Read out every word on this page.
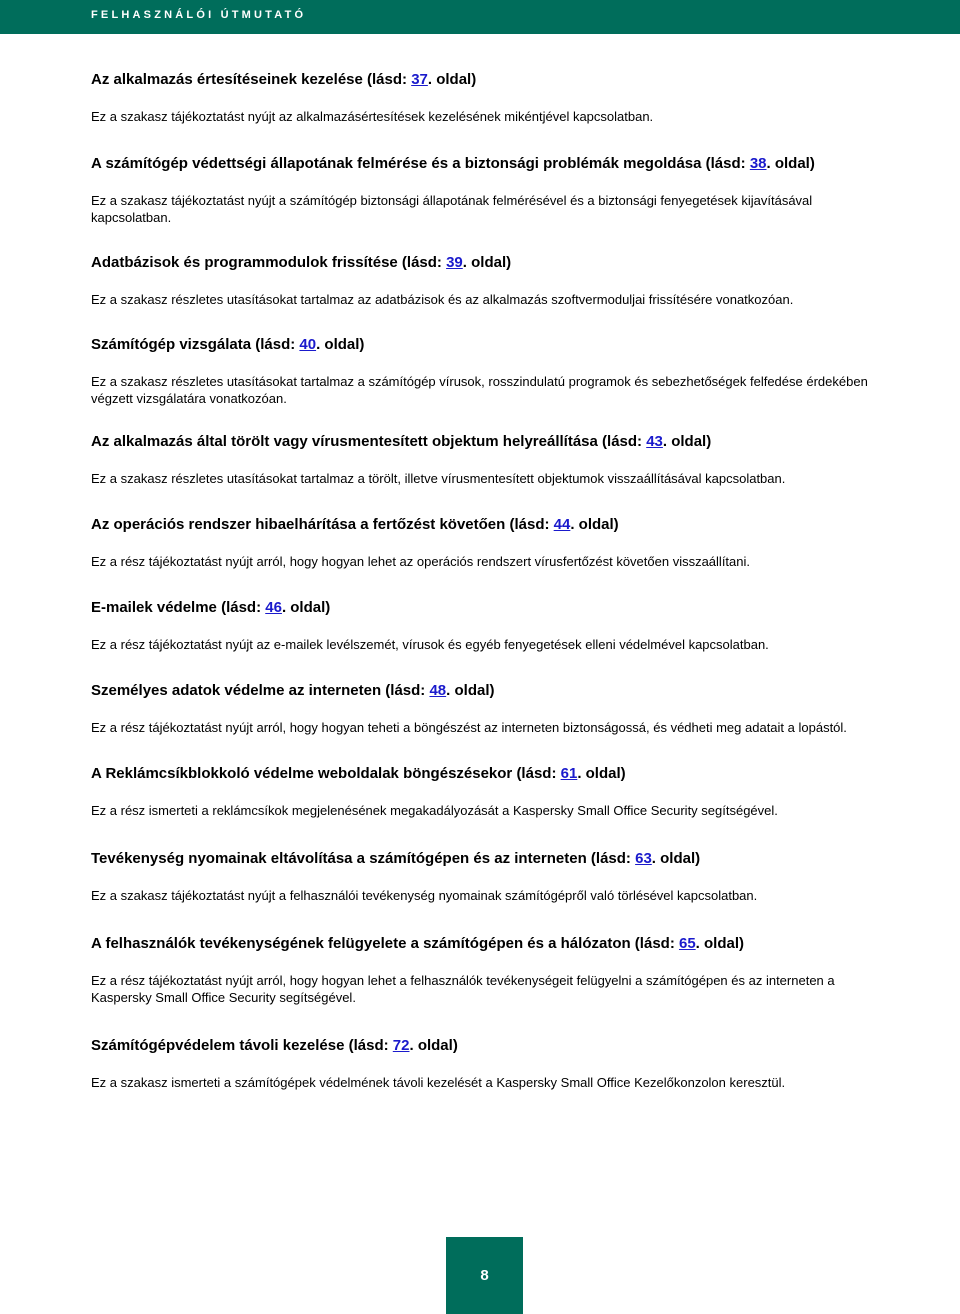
FELHASZNÁLÓI ÚTMUTATÓ

Az alkalmazás értesítéseinek kezelése (lásd: 37. oldal)

Ez a szakasz tájékoztatást nyújt az alkalmazásértesítések kezelésének mikéntjével kapcsolatban.

A számítógép védettségi állapotának felmérése és a biztonsági problémák megoldása (lásd: 38. oldal)

Ez a szakasz tájékoztatást nyújt a számítógép biztonsági állapotának felmérésével és a biztonsági fenyegetések kijavításával kapcsolatban.

Adatbázisok és programmodulok frissítése (lásd: 39. oldal)

Ez a szakasz részletes utasításokat tartalmaz az adatbázisok és az alkalmazás szoftvermoduljai frissítésére vonatkozóan.

Számítógép vizsgálata (lásd: 40. oldal)

Ez a szakasz részletes utasításokat tartalmaz a számítógép vírusok, rosszindulatú programok és sebezhetőségek felfedése érdekében végzett vizsgálatára vonatkozóan.

Az alkalmazás által törölt vagy vírusmentesített objektum helyreállítása (lásd: 43. oldal)

Ez a szakasz részletes utasításokat tartalmaz a törölt, illetve vírusmentesített objektumok visszaállításával kapcsolatban.

Az operációs rendszer hibaelhárítása a fertőzést követően (lásd: 44. oldal)

Ez a rész tájékoztatást nyújt arról, hogy hogyan lehet az operációs rendszert vírusfertőzést követően visszaállítani.

E-mailek védelme (lásd: 46. oldal)

Ez a rész tájékoztatást nyújt az e-mailek levélszemét, vírusok és egyéb fenyegetések elleni védelmével kapcsolatban.

Személyes adatok védelme az interneten (lásd: 48. oldal)

Ez a rész tájékoztatást nyújt arról, hogy hogyan teheti a böngészést az interneten biztonságossá, és védheti meg adatait a lopástól.

A Reklámcsíkblokkoló védelme weboldalak böngészésekor (lásd: 61. oldal)

Ez a rész ismerteti a reklámcsíkok megjelenésének megakadályozását a Kaspersky Small Office Security segítségével.

Tevékenység nyomainak eltávolítása a számítógépen és az interneten (lásd: 63. oldal)

Ez a szakasz tájékoztatást nyújt a felhasználói tevékenység nyomainak számítógépről való törlésével kapcsolatban.

A felhasználók tevékenységének felügyelete a számítógépen és a hálózaton (lásd: 65. oldal)

Ez a rész tájékoztatást nyújt arról, hogy hogyan lehet a felhasználók tevékenységeit felügyelni a számítógépen és az interneten a Kaspersky Small Office Security segítségével.

Számítógépvédelem távoli kezelése (lásd: 72. oldal)

Ez a szakasz ismerteti a számítógépek védelmének távoli kezelését a Kaspersky Small Office Kezelőkonzolon keresztül.

8
